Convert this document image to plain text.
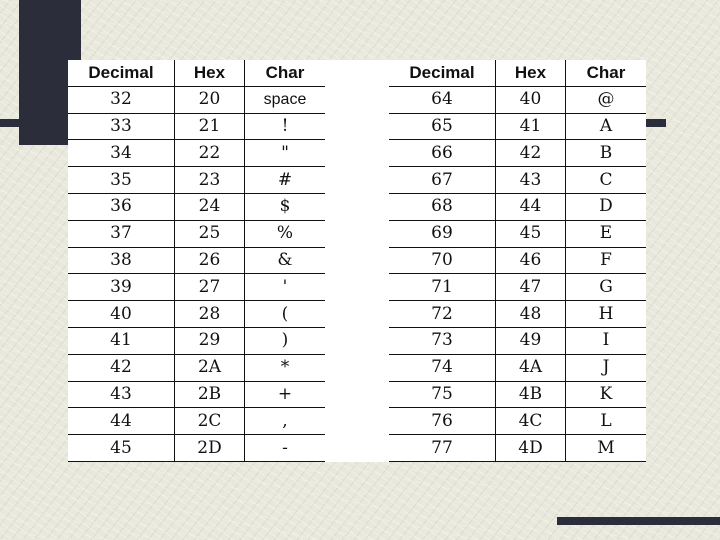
Decimal	Hex	Char
32	20	space
33	21	!
34	22	"
35	23	#
36	24	$
37	25	%
38	26	&
39	27	'
40	28	(
41	29	)
42	2A	*
43	2B	+
44	2C	,
45	2D	-
Decimal	Hex	Char
64	40	@
65	41	A
66	42	B
67	43	C
68	44	D
69	45	E
70	46	F
71	47	G
72	48	H
73	49	I
74	4A	J
75	4B	K
76	4C	L
77	4D	M
